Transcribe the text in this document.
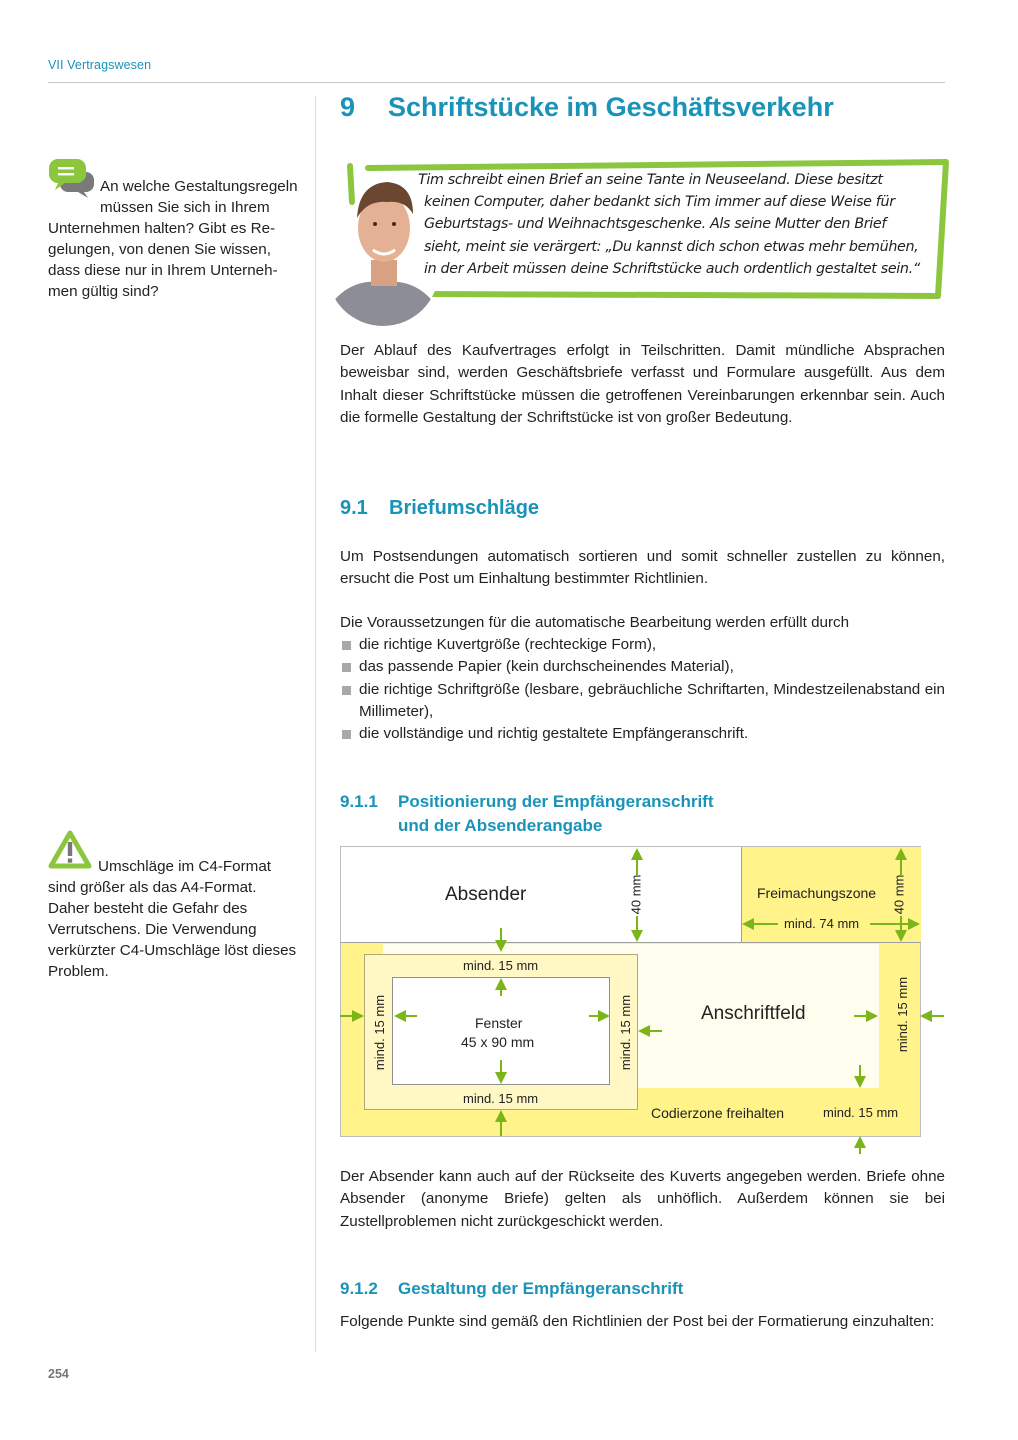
VII Vertragswesen
9 Schriftstücke im Geschäftsverkehr
An welche Gestaltungsregeln müssen Sie sich in Ihrem Unternehmen halten? Gibt es Regelungen, von denen Sie wissen, dass diese nur in Ihrem Unternehmen gültig sind?
Tim schreibt einen Brief an seine Tante in Neuseeland. Diese besitzt
keinen Computer, daher bedankt sich Tim immer auf diese Weise für
Geburtstags- und Weihnachtsgeschenke. Als seine Mutter den Brief
sieht, meint sie verärgert: „Du kannst dich schon etwas mehr bemühen,
in der Arbeit müssen deine Schriftstücke auch ordentlich gestaltet sein.“

Der Ablauf des Kaufvertrages erfolgt in Teilschritten. Damit mündliche Absprachen beweisbar sind, werden Geschäftsbriefe verfasst und Formulare ausgefüllt. Aus dem Inhalt dieser Schriftstücke müssen die getroffenen Vereinbarungen erkennbar sein. Auch die formelle Gestaltung der Schriftstücke ist von großer Bedeutung.

9.1 Briefumschläge

Um Postsendungen automatisch sortieren und somit schneller zustellen zu können, ersucht die Post um Einhaltung bestimmter Richtlinien.

Die Voraussetzungen für die automatische Bearbeitung werden erfüllt durch

die richtige Kuvertgröße (rechteckige Form),
das passende Papier (kein durchscheinendes Material),
die richtige Schriftgröße (lesbare, gebräuchliche Schriftarten, Mindestzeilenabstand ein Millimeter),
die vollständige und richtig gestaltete Empfängeranschrift.
9.1.1 Positionierung der Empfängeranschrift
und der Absenderangabe
Umschläge im C4-Format sind größer als das A4-Format. Daher besteht die Gefahr des Verrutschens. Die Verwendung verkürzter C4-Umschläge löst dieses Problem.
Absender	Freimachungszone
mind. 74 mm
40 mm
40 mm
Anschriftfeld
Fenster
45 x 90 mm
mind. 15 mm
mind. 15 mm
mind. 15 mm	mind. 15 mm	mind. 15 mm
Codierzone freihalten	mind. 15 mm

Der Absender kann auch auf der Rückseite des Kuverts angegeben werden. Briefe ohne Absender (anonyme Briefe) gelten als unhöflich. Außerdem können sie bei Zustellproblemen nicht zurückgeschickt werden.

9.1.2 Gestaltung der Empfängeranschrift

Folgende Punkte sind gemäß den Richtlinien der Post bei der Formatierung einzuhalten:

254
